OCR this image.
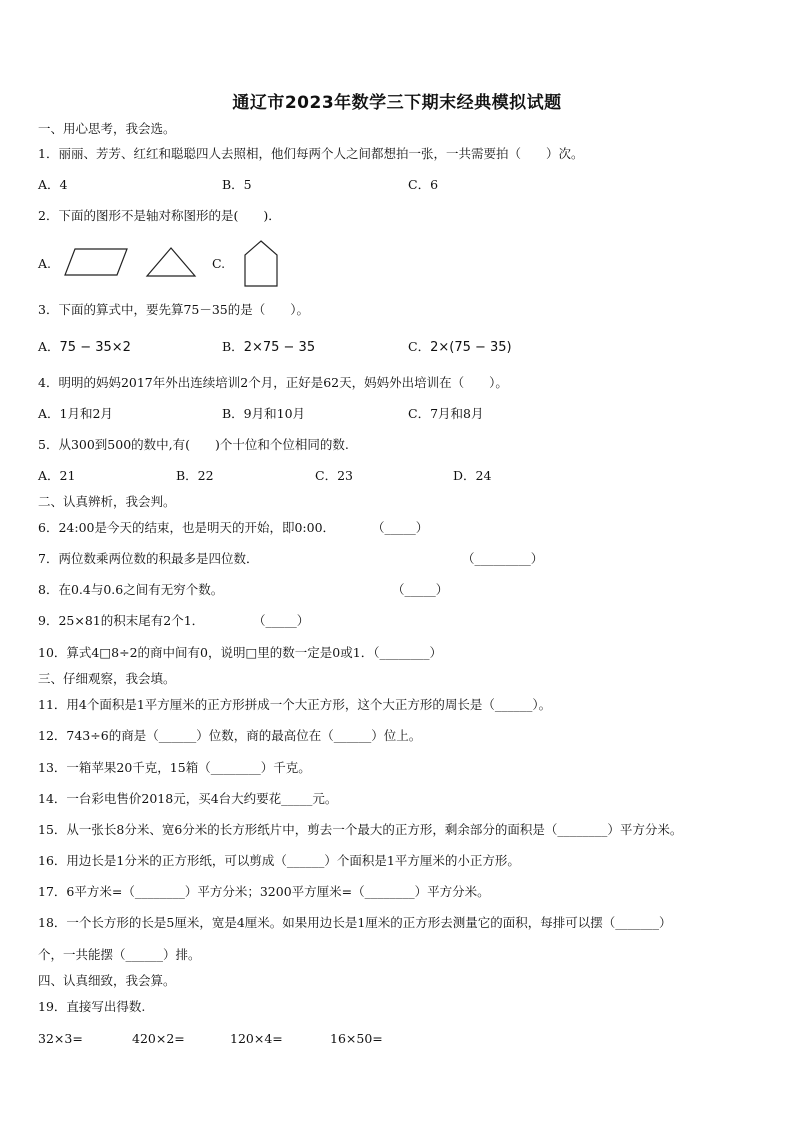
通辽市2023年数学三下期末经典模拟试题
一、用心思考，我会选。
1．丽丽、芳芳、红红和聪聪四人去照相，他们每两个人之间都想拍一张，一共需要拍（　　）次。
A．4	B．5	C．6
2．下面的图形不是轴对称图形的是(　　)．
A.	C.
3．下面的算式中，要先算75－35的是（　　）。
A．75 − 35×2	B．2×75 − 35	C．2×(75 − 35)
4．明明的妈妈2017年外出连续培训2个月，正好是62天，妈妈外出培训在（　　）。
A．1月和2月	B．9月和10月	C．7月和8月
5．从300到500的数中,有(　　)个十位和个位相同的数.
A．21	B．22	C．23	D．24
二、认真辨析，我会判。
6．24:00是今天的结束，也是明天的开始，即0:00．	（_____）
7．两位数乘两位数的积最多是四位数．	（_________）
8．在0.4与0.6之间有无穷个数。	（_____）
9．25×81的积末尾有2个1．	（_____）
10．算式4□8÷2的商中间有0，说明□里的数一定是0或1．（________）
三、仔细观察，我会填。
11．用4个面积是1平方厘米的正方形拼成一个大正方形，这个大正方形的周长是（______）。
12．743÷6的商是（______）位数，商的最高位在（______）位上。
13．一箱苹果20千克，15箱（________）千克。
14．一台彩电售价2018元，买4台大约要花_____元。
15．从一张长8分米、宽6分米的长方形纸片中，剪去一个最大的正方形，剩余部分的面积是（________）平方分米。
16．用边长是1分米的正方形纸，可以剪成（______）个面积是1平方厘米的小正方形。
17．6平方米=（________）平方分米；3200平方厘米=（________）平方分米。
18．一个长方形的长是5厘米，宽是4厘米。如果用边长是1厘米的正方形去测量它的面积，每排可以摆（_______）
个，一共能摆（______）排。
四、认真细致，我会算。
19．直接写出得数.
32×3=	420×2=	120×4=	16×50=
